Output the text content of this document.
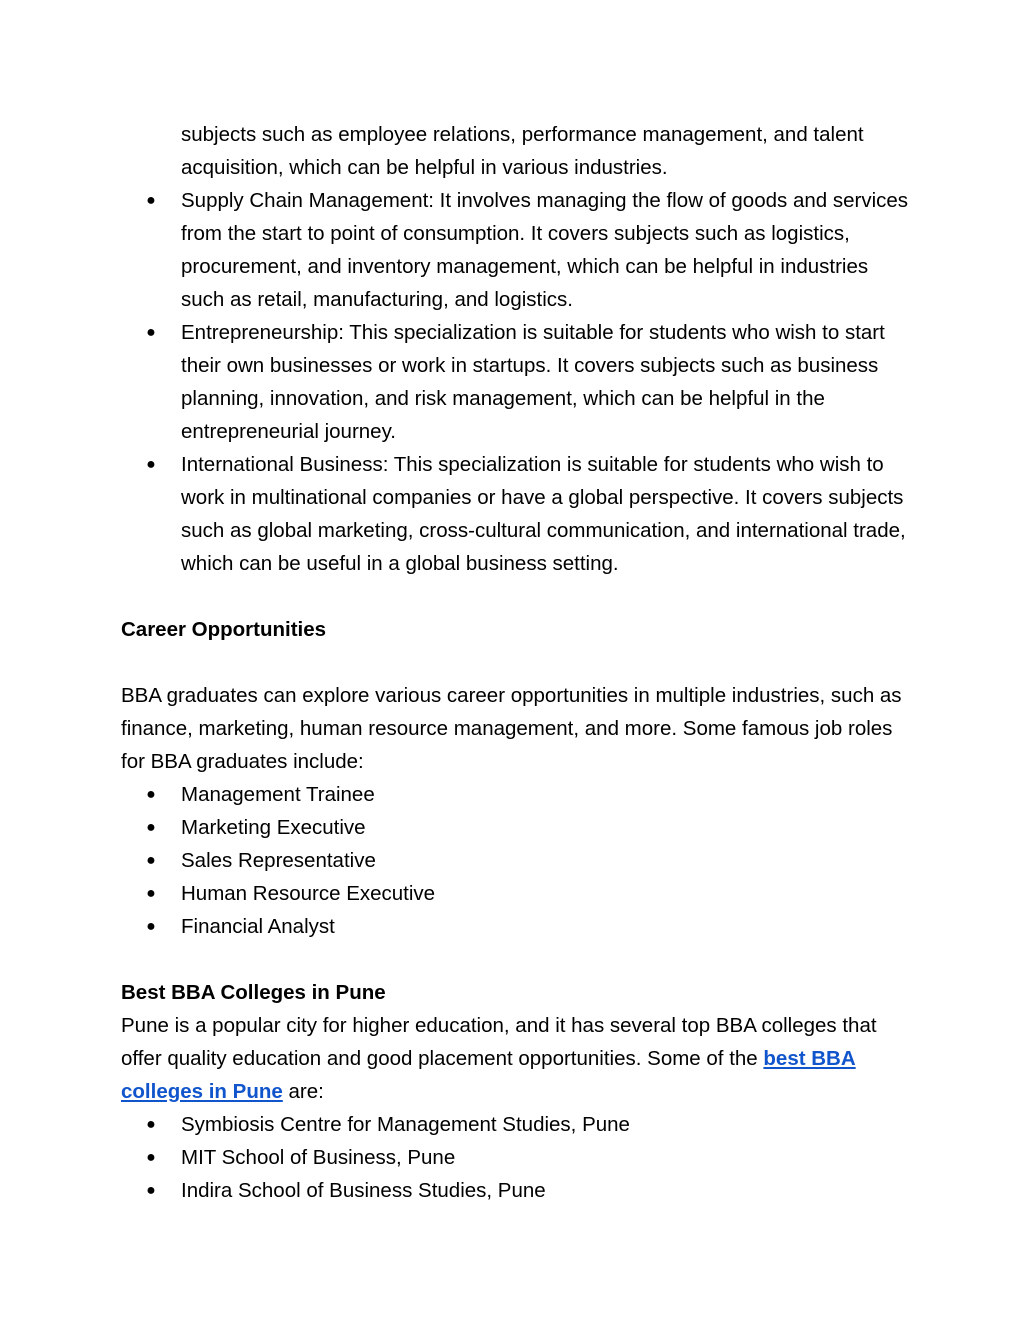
subjects such as employee relations, performance management, and talent acquisition, which can be helpful in various industries.

●	Supply Chain Management: It involves managing the flow of goods and services from the start to point of consumption. It covers subjects such as logistics, procurement, and inventory management, which can be helpful in industries such as retail, manufacturing, and logistics.
●	Entrepreneurship: This specialization is suitable for students who wish to start their own businesses or work in startups. It covers subjects such as business planning, innovation, and risk management, which can be helpful in the entrepreneurial journey.
●	International Business: This specialization is suitable for students who wish to work in multinational companies or have a global perspective. It covers subjects such as global marketing, cross-cultural communication, and international trade, which can be useful in a global business setting.

Career Opportunities

BBA graduates can explore various career opportunities in multiple industries, such as finance, marketing, human resource management, and more. Some famous job roles for BBA graduates include:

●	Management Trainee
●	Marketing Executive
●	Sales Representative
●	Human Resource Executive
●	Financial Analyst

Best BBA Colleges in Pune

Pune is a popular city for higher education, and it has several top BBA colleges that offer quality education and good placement opportunities. Some of the best BBA colleges in Pune are:

●	Symbiosis Centre for Management Studies, Pune
●	MIT School of Business, Pune
●	Indira School of Business Studies, Pune
